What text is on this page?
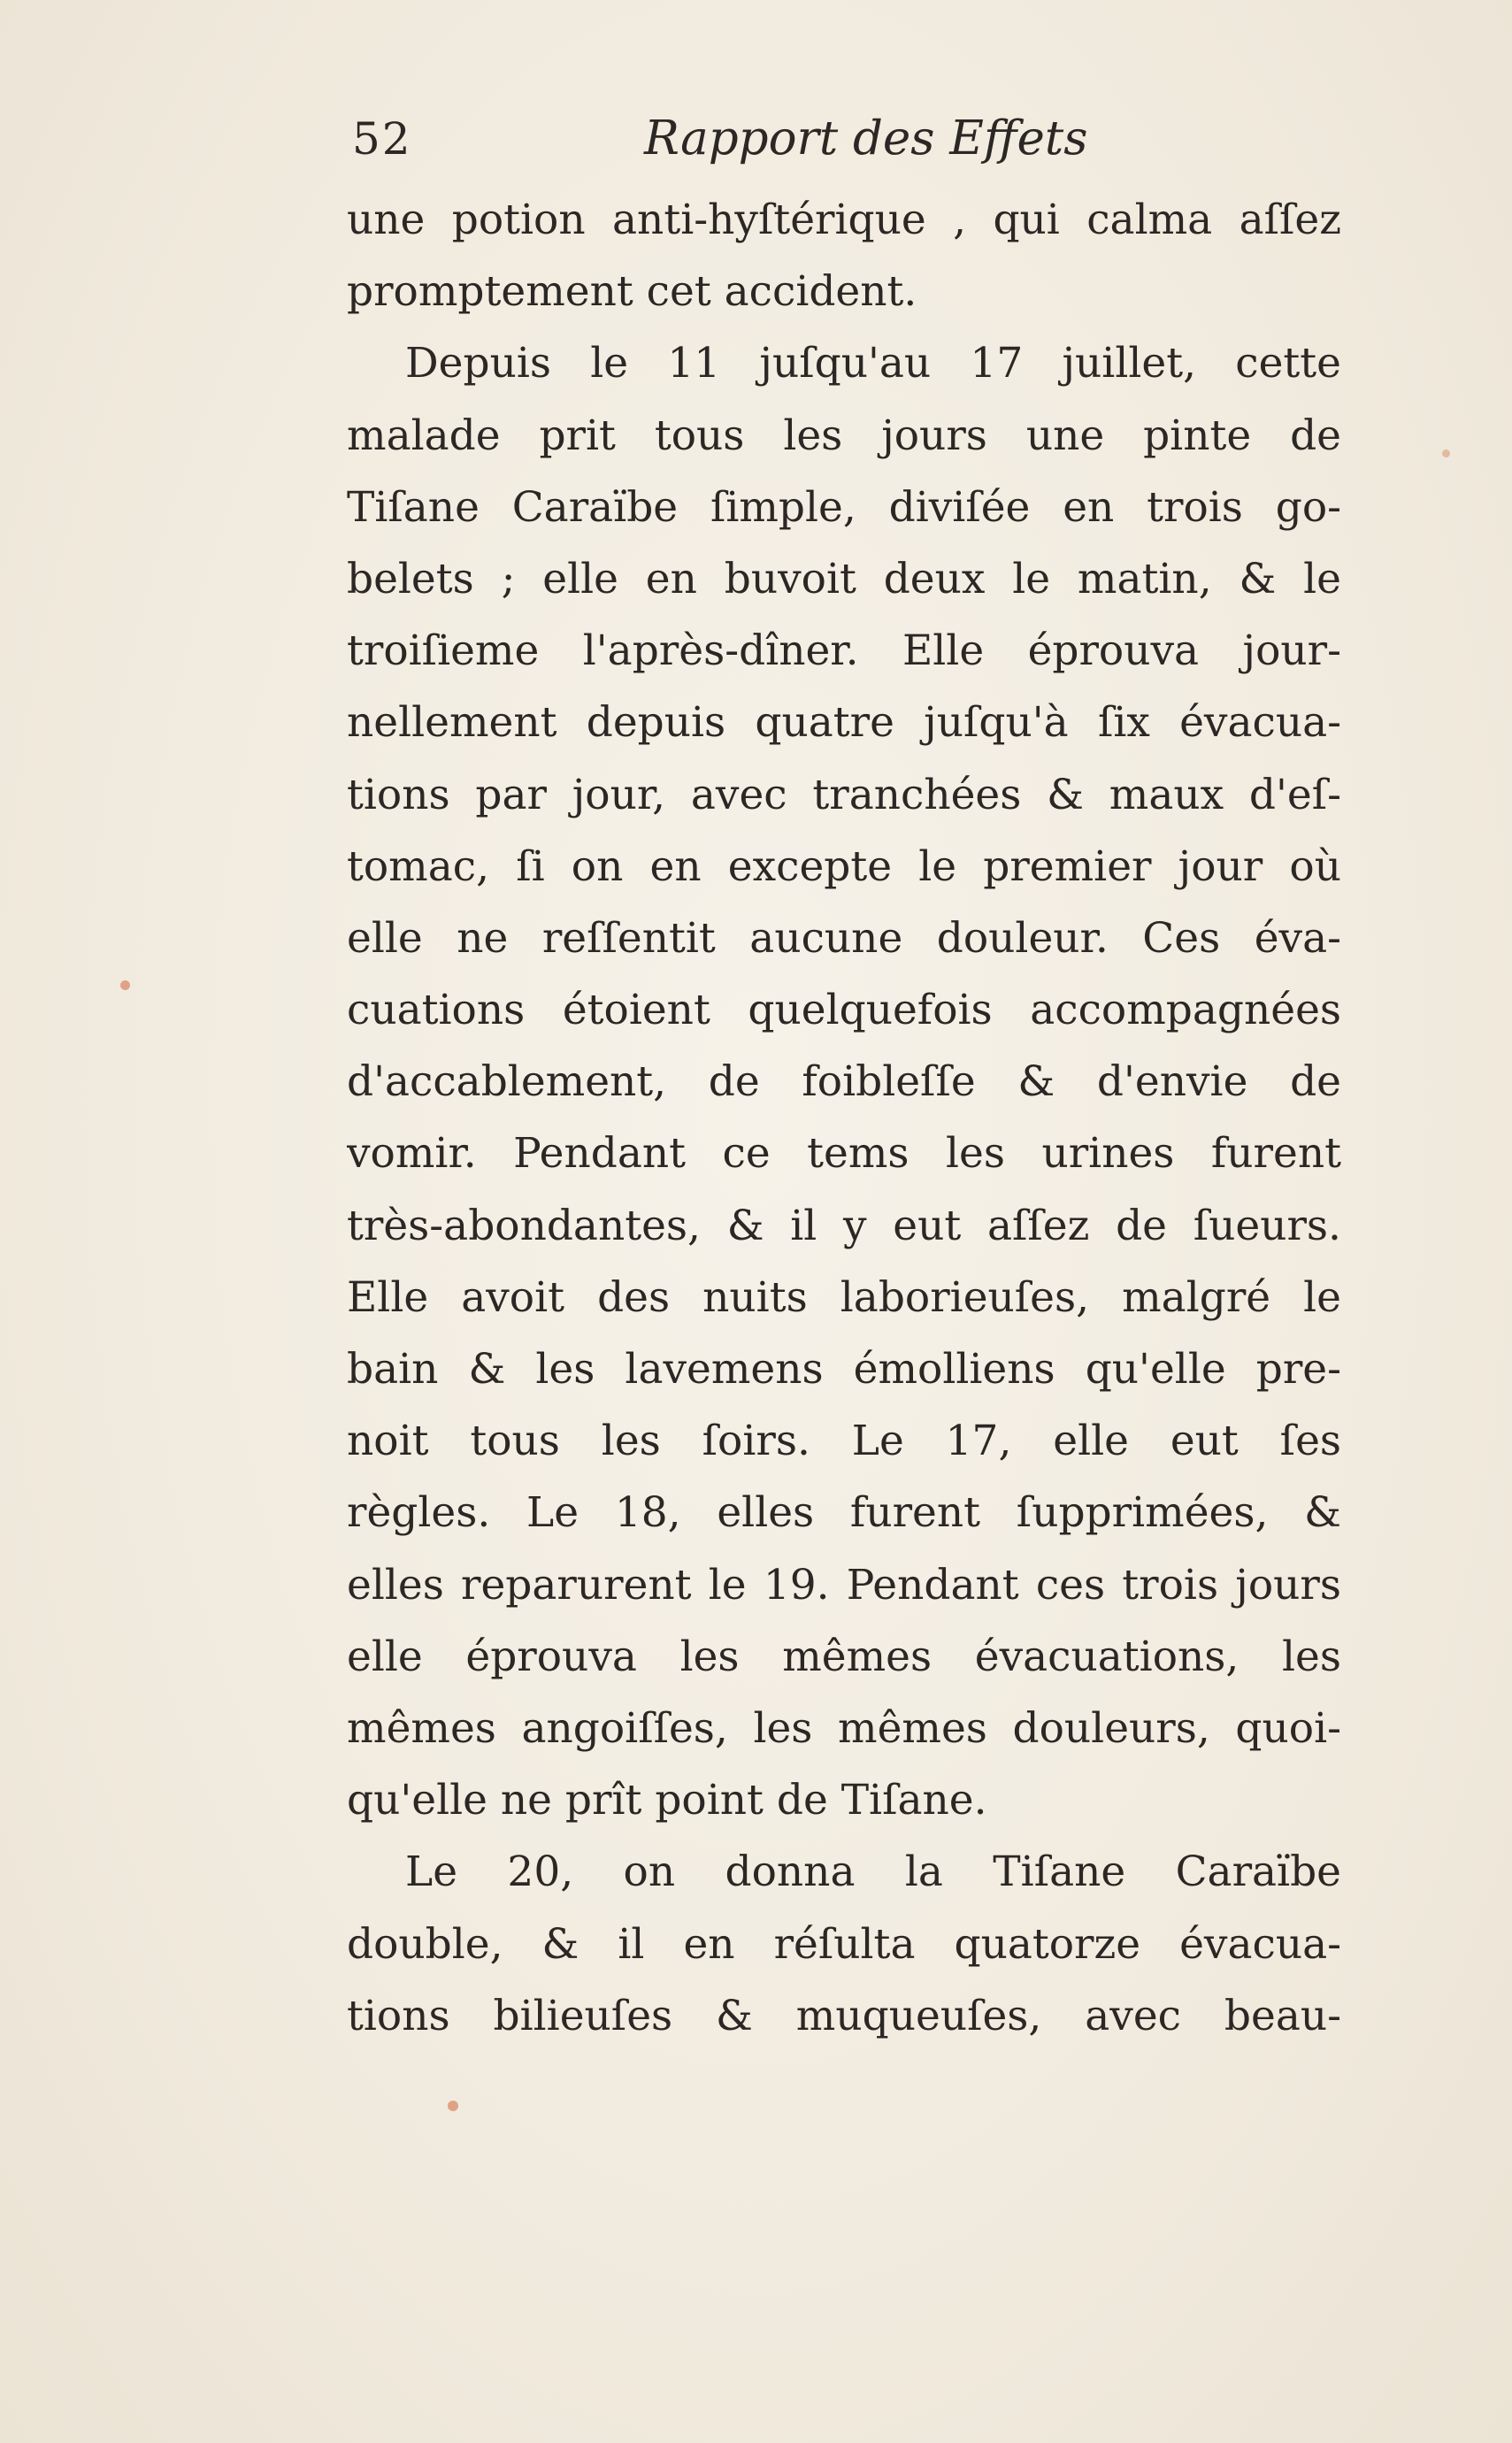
52	Rapport des Effets
une potion anti-hyſtérique , qui calma aſſez
promptement cet accident.
Depuis le 11 juſqu'au 17 juillet, cette
malade prit tous les jours une pinte de
Tiſane Caraïbe ſimple, diviſée en trois go-
belets ; elle en buvoit deux le matin, & le
troiſieme l'après-dîner. Elle éprouva jour-
nellement depuis quatre juſqu'à ſix évacua-
tions par jour, avec tranchées & maux d'eſ-
tomac, ſi on en excepte le premier jour où
elle ne reſſentit aucune douleur. Ces éva-
cuations étoient quelquefois accompagnées
d'accablement, de foibleſſe & d'envie de
vomir. Pendant ce tems les urines furent
très-abondantes, & il y eut aſſez de ſueurs.
Elle avoit des nuits laborieuſes, malgré le
bain & les lavemens émolliens qu'elle pre-
noit tous les ſoirs. Le 17, elle eut ſes
règles. Le 18, elles furent ſupprimées, &
elles reparurent le 19. Pendant ces trois jours
elle éprouva les mêmes évacuations, les
mêmes angoiſſes, les mêmes douleurs, quoi-
qu'elle ne prît point de Tiſane.
Le 20, on donna la Tiſane Caraïbe
double, & il en réſulta quatorze évacua-
tions bilieuſes & muqueuſes, avec beau-
